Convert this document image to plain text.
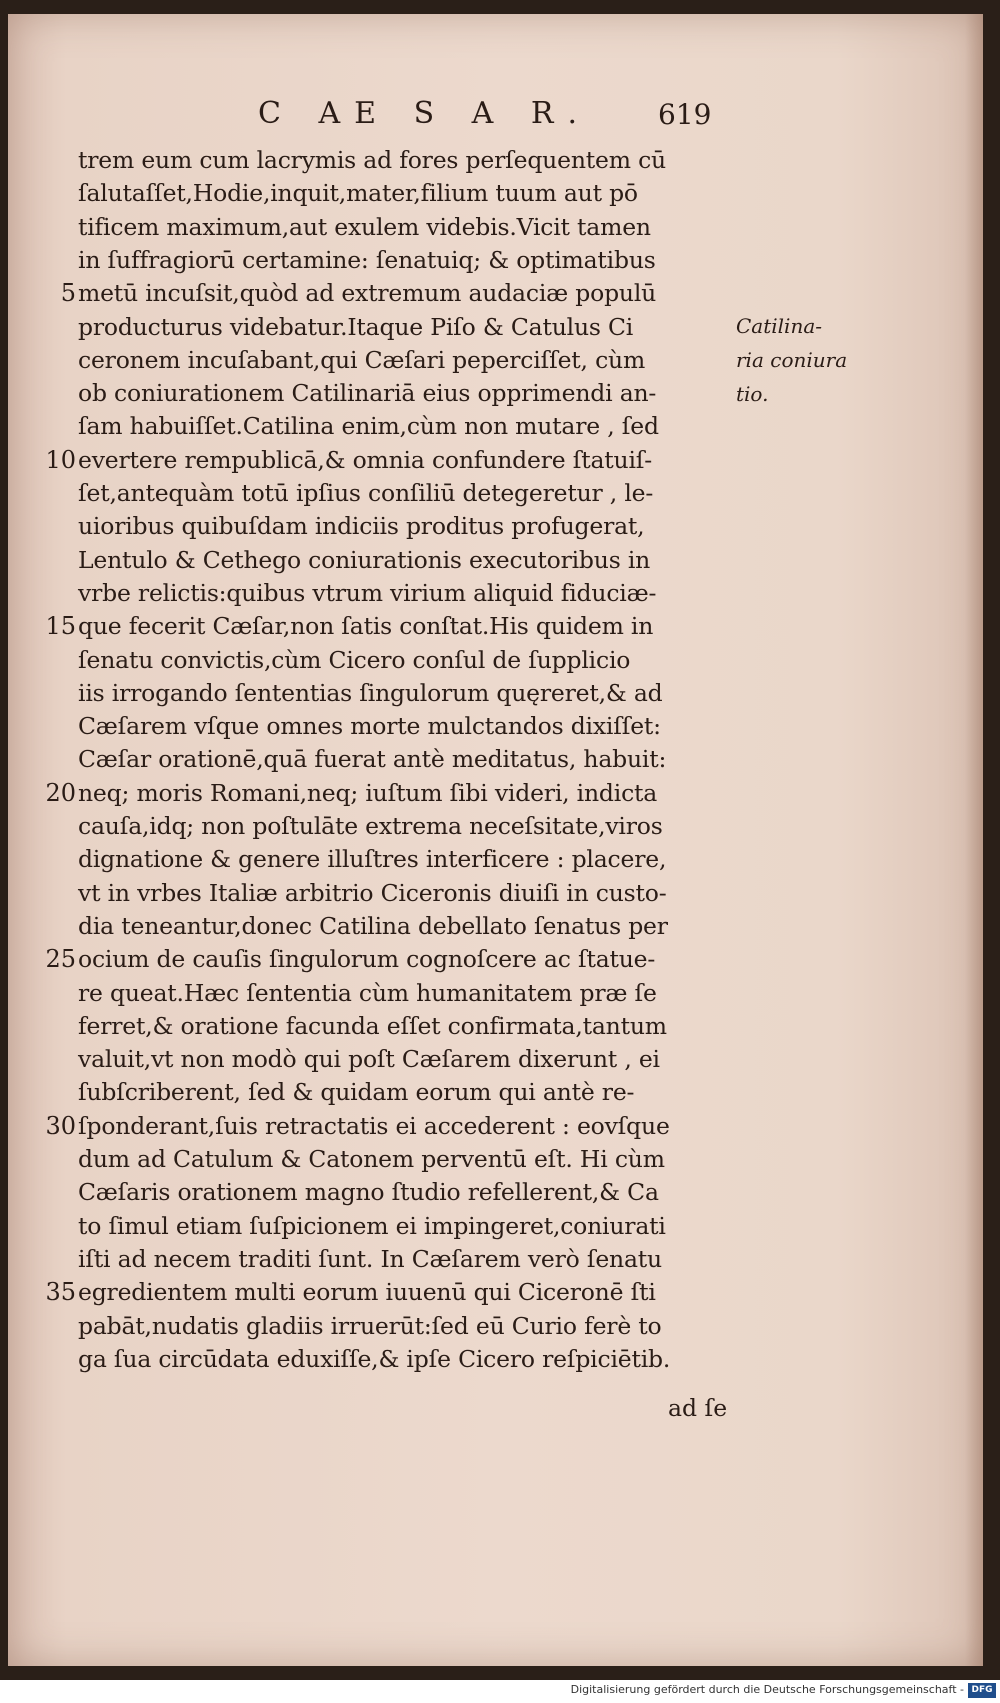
C AE S A R. 619
trem eum cum lacrymis ad fores perſequentem cū
ſalutaſſet,Hodie,inquit,mater,filium tuum aut pō
tificem maximum,aut exulem videbis.Vicit tamen
in ſuffragiorū certamine: ſenatuiq; & optimatibus
5 metū incuſsit,quòd ad extremum audaciæ populū
producturus videbatur.Itaque Piſo & Catulus Ci
ceronem incuſabant,qui Cæſari peperciſſet, cùm
ob coniurationem Catilinariā eius opprimendi an-
ſam habuiſſet.Catilina enim,cùm non mutare , ſed
10 evertere rempublicā,& omnia confundere ſtatuiſ-
ſet,antequàm totū ipſius conſiliū detegeretur , le-
uioribus quibuſdam indiciis proditus profugerat,
Lentulo & Cethego coniurationis executoribus in
vrbe relictis:quibus vtrum virium aliquid fiduciæ-
15 que fecerit Cæſar,non ſatis conſtat.His quidem in
ſenatu convictis,cùm Cicero conſul de ſupplicio
iis irrogando ſententias ſingulorum quęreret,& ad
Cæſarem vſque omnes morte mulctandos dixiſſet:
Cæſar orationē,quā fuerat antè meditatus, habuit:
20 neq; moris Romani,neq; iuſtum ſibi videri, indicta
cauſa,idq; non poſtulāte extrema neceſsitate,viros
dignatione & genere illuſtres interficere : placere,
vt in vrbes Italiæ arbitrio Ciceronis diuiſi in custo-
dia teneantur,donec Catilina debellato ſenatus per
25 ocium de cauſis ſingulorum cognoſcere ac ſtatue-
re queat.Hæc ſententia cùm humanitatem præ ſe
ferret,& oratione facunda eſſet confirmata,tantum
valuit,vt non modò qui poſt Cæſarem dixerunt , ei
ſubſcriberent, ſed & quidam eorum qui antè re-
30 ſponderant,ſuis retractatis ei accederent : eovſque
dum ad Catulum & Catonem perventū eſt. Hi cùm
Cæſaris orationem magno ſtudio refellerent,& Ca
to ſimul etiam ſuſpicionem ei impingeret,coniurati
iſti ad necem traditi ſunt. In Cæſarem verò ſenatu
35 egredientem multi eorum iuuenū qui Ciceronē ſti
pabāt,nudatis gladiis irruerūt:ſed eū Curio ferè to
ga ſua circūdata eduxiſſe,& ipſe Cicero reſpiciētib.
ad ſe
Catilina-
ria coniura
tio.
Digitalisierung gefördert durch die Deutsche Forschungsgemeinschaft - DFG
